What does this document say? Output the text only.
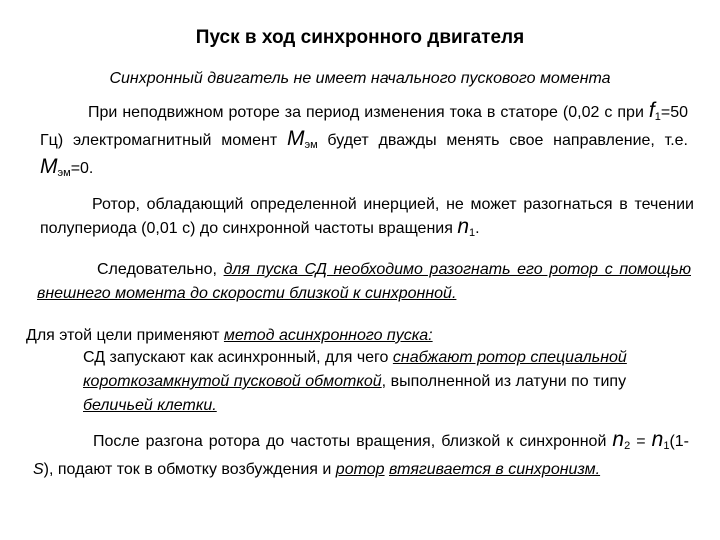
Пуск в ход синхронного двигателя

Синхронный двигатель не имеет начального пускового момента

При неподвижном роторе за период изменения тока в статоре (0,02 с при $f_1=50$ Гц) электромагнитный момент $M_{эм}$ будет дважды менять свое направление, т.е. $M_{эм}=0$.

Ротор, обладающий определенной инерцией, не может разогнаться в течении полупериода (0,01 с) до синхронной частоты вращения $n_1$.

Следовательно, для пуска СД необходимо разогнать его ротор с помощью внешнего момента до скорости близкой к синхронной.

Для этой цели применяют метод асинхронного пуска:

СД запускают как асинхронный, для чего снабжают ротор специальной короткозамкнутой пусковой обмоткой, выполненной из латуни по типу беличьей клетки.

После разгона ротора до частоты вращения, близкой к синхронной $n_2 = n_1(1-S)$, подают ток в обмотку возбуждения и ротор втягивается в синхронизм.
